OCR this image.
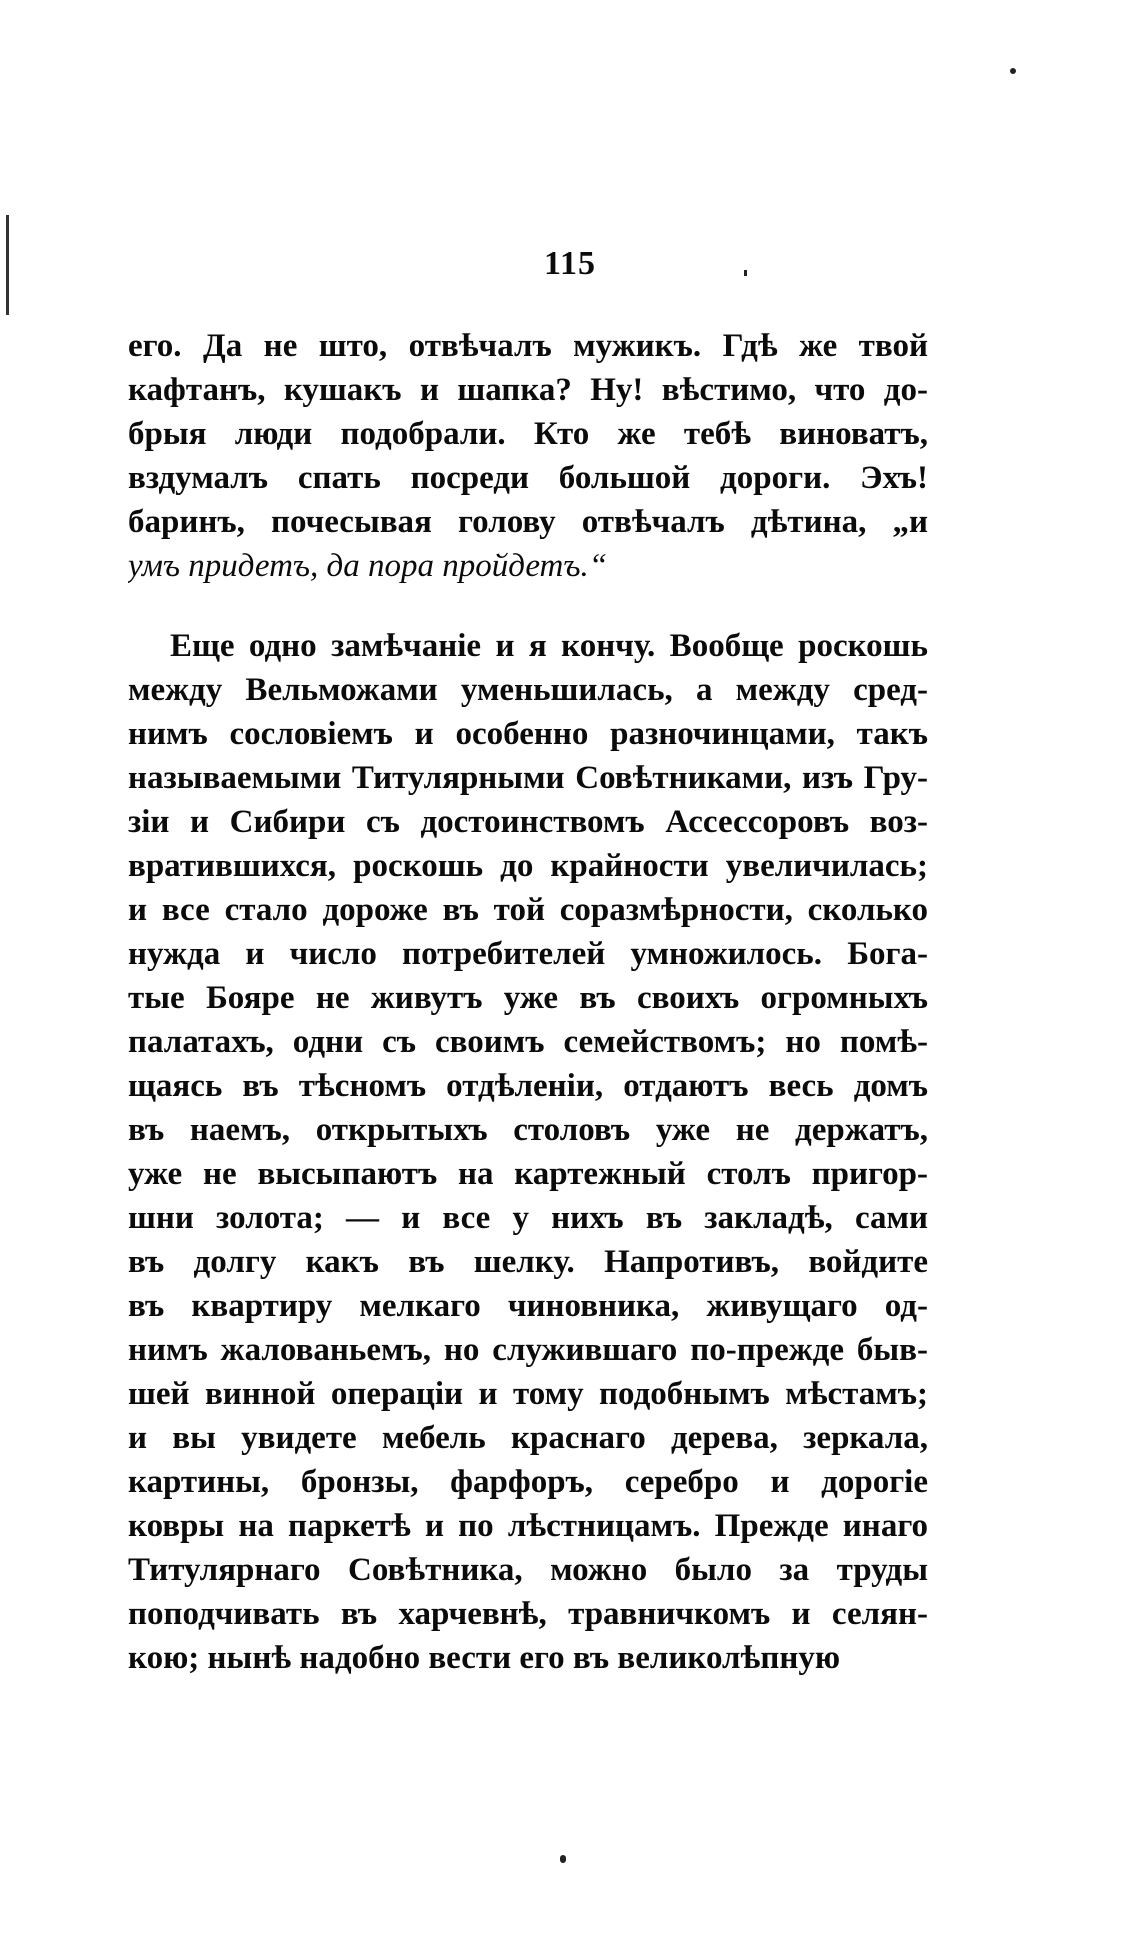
115
его. Да не што, отвѣчалъ мужикъ. Гдѣ же твой
кафтанъ, кушакъ и шапка? Ну! вѣстимо, что до-
брыя люди подобрали. Кто же тебѣ виноватъ,
вздумалъ спать посреди большой дороги. Эхъ!
баринъ, почесывая голову отвѣчалъ дѣтина, „и
умъ придетъ, да пора пройдетъ.“
Еще одно замѣчаніе и я кончу. Вообще роскошь
между Вельможами уменьшилась, а между сред-
нимъ сословіемъ и особенно разночинцами, такъ
называемыми Титулярными Совѣтниками, изъ Гру-
зіи и Сибири съ достоинствомъ Ассессоровъ воз-
вратившихся, роскошь до крайности увеличилась;
и все стало дороже въ той соразмѣрности, сколько
нужда и число потребителей умножилось. Бога-
тые Бояре не живутъ уже въ своихъ огромныхъ
палатахъ, одни съ своимъ семействомъ; но помѣ-
щаясь въ тѣсномъ отдѣленіи, отдаютъ весь домъ
въ наемъ, открытыхъ столовъ уже не держатъ,
уже не высыпаютъ на картежный столъ пригор-
шни золота; — и все у нихъ въ закладѣ, сами
въ долгу какъ въ шелку. Напротивъ, войдите
въ квартиру мелкаго чиновника, живущаго од-
нимъ жалованьемъ, но служившаго по-прежде быв-
шей винной операціи и тому подобнымъ мѣстамъ;
и вы увидете мебель краснаго дерева, зеркала,
картины, бронзы, фарфоръ, серебро и дорогіе
ковры на паркетѣ и по лѣстницамъ. Прежде инаго
Титулярнаго Совѣтника, можно было за труды
поподчивать въ харчевнѣ, травничкомъ и селян-
кою; нынѣ надобно вести его въ великолѣпную
